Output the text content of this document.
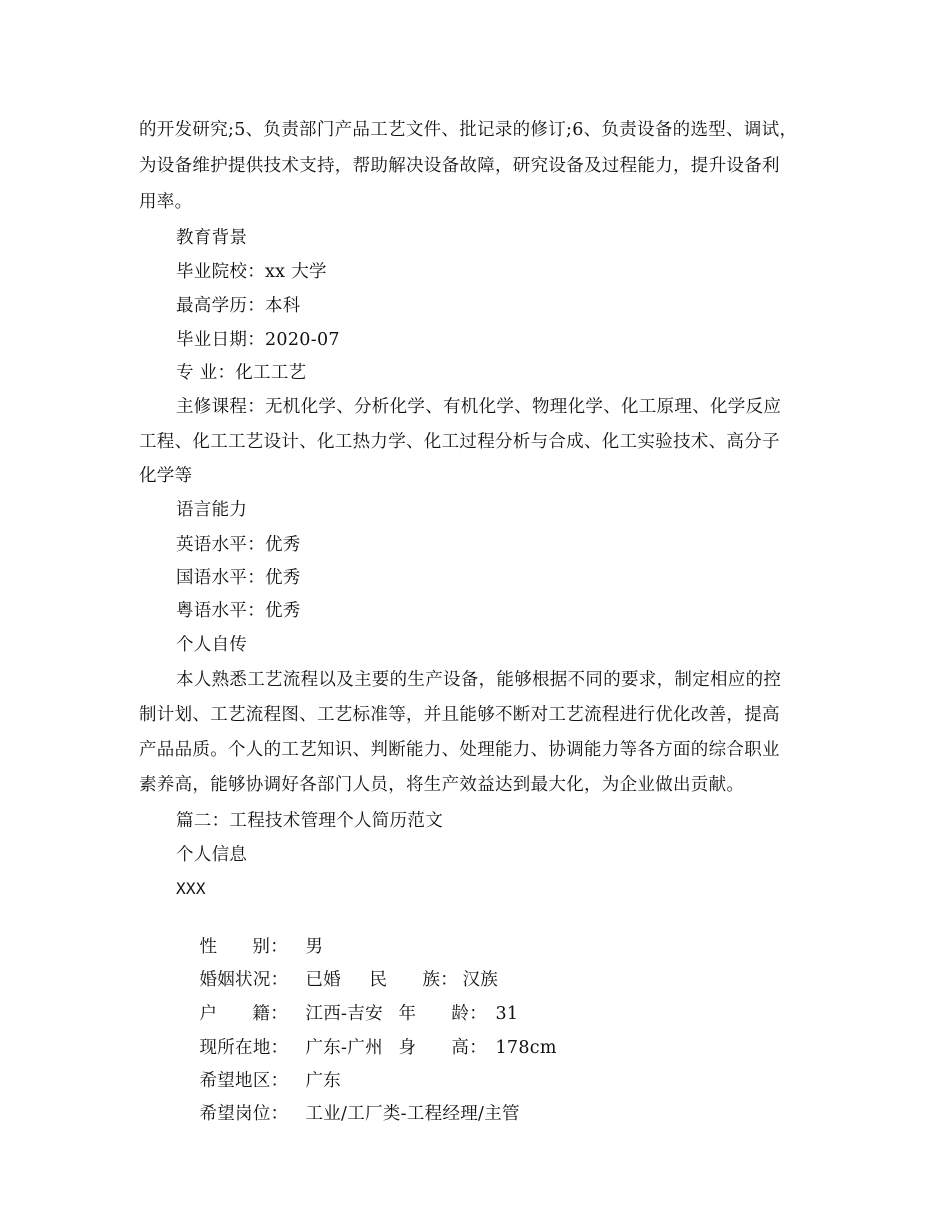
的开发研究;5、负责部门产品工艺文件、批记录的修订;6、负责设备的选型、调试，
为设备维护提供技术支持，帮助解决设备故障，研究设备及过程能力，提升设备利
用率。
教育背景
毕业院校：xx 大学
最高学历：本科
毕业日期：2020-07
专 业：化工工艺
主修课程：无机化学、分析化学、有机化学、物理化学、化工原理、化学反应
工程、化工工艺设计、化工热力学、化工过程分析与合成、化工实验技术、高分子
化学等
语言能力
英语水平：优秀
国语水平：优秀
粤语水平：优秀
个人自传
本人熟悉工艺流程以及主要的生产设备，能够根据不同的要求，制定相应的控
制计划、工艺流程图、工艺标准等，并且能够不断对工艺流程进行优化改善，提高
产品品质。个人的工艺知识、判断能力、处理能力、协调能力等各方面的综合职业
素养高，能够协调好各部门人员，将生产效益达到最大化，为企业做出贡献。
篇二：工程技术管理个人简历范文
个人信息
XXX

性      别： 男

婚姻状况： 已婚 民      族： 汉族

户      籍： 江西-吉安 年      龄： 31

现所在地： 广东-广州 身      高： 178cm

希望地区： 广东

希望岗位： 工业/工厂类-工程经理/主管
